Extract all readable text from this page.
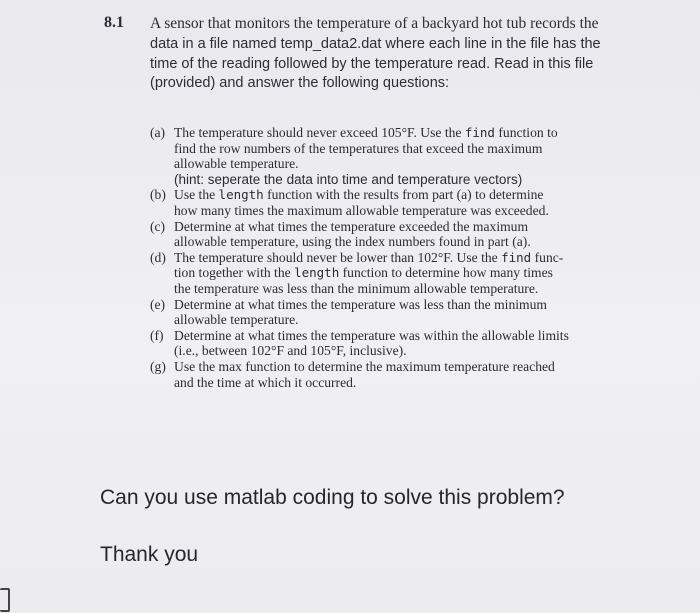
8.1 A sensor that monitors the temperature of a backyard hot tub records the
data in a file named temp_data2.dat where each line in the file has the
time of the reading followed by the temperature read. Read in this file
(provided) and answer the following questions:
(a) The temperature should never exceed 105°F. Use the find function to
find the row numbers of the temperatures that exceed the maximum
allowable temperature.
(hint: seperate the data into time and temperature vectors)
(b) Use the length function with the results from part (a) to determine
how many times the maximum allowable temperature was exceeded.
(c) Determine at what times the temperature exceeded the maximum
allowable temperature, using the index numbers found in part (a).
(d) The temperature should never be lower than 102°F. Use the find func-
tion together with the length function to determine how many times
the temperature was less than the minimum allowable temperature.
(e) Determine at what times the temperature was less than the minimum
allowable temperature.
(f) Determine at what times the temperature was within the allowable limits
(i.e., between 102°F and 105°F, inclusive).
(g) Use the max function to determine the maximum temperature reached
and the time at which it occurred.
Can you use matlab coding to solve this problem?
Thank you
